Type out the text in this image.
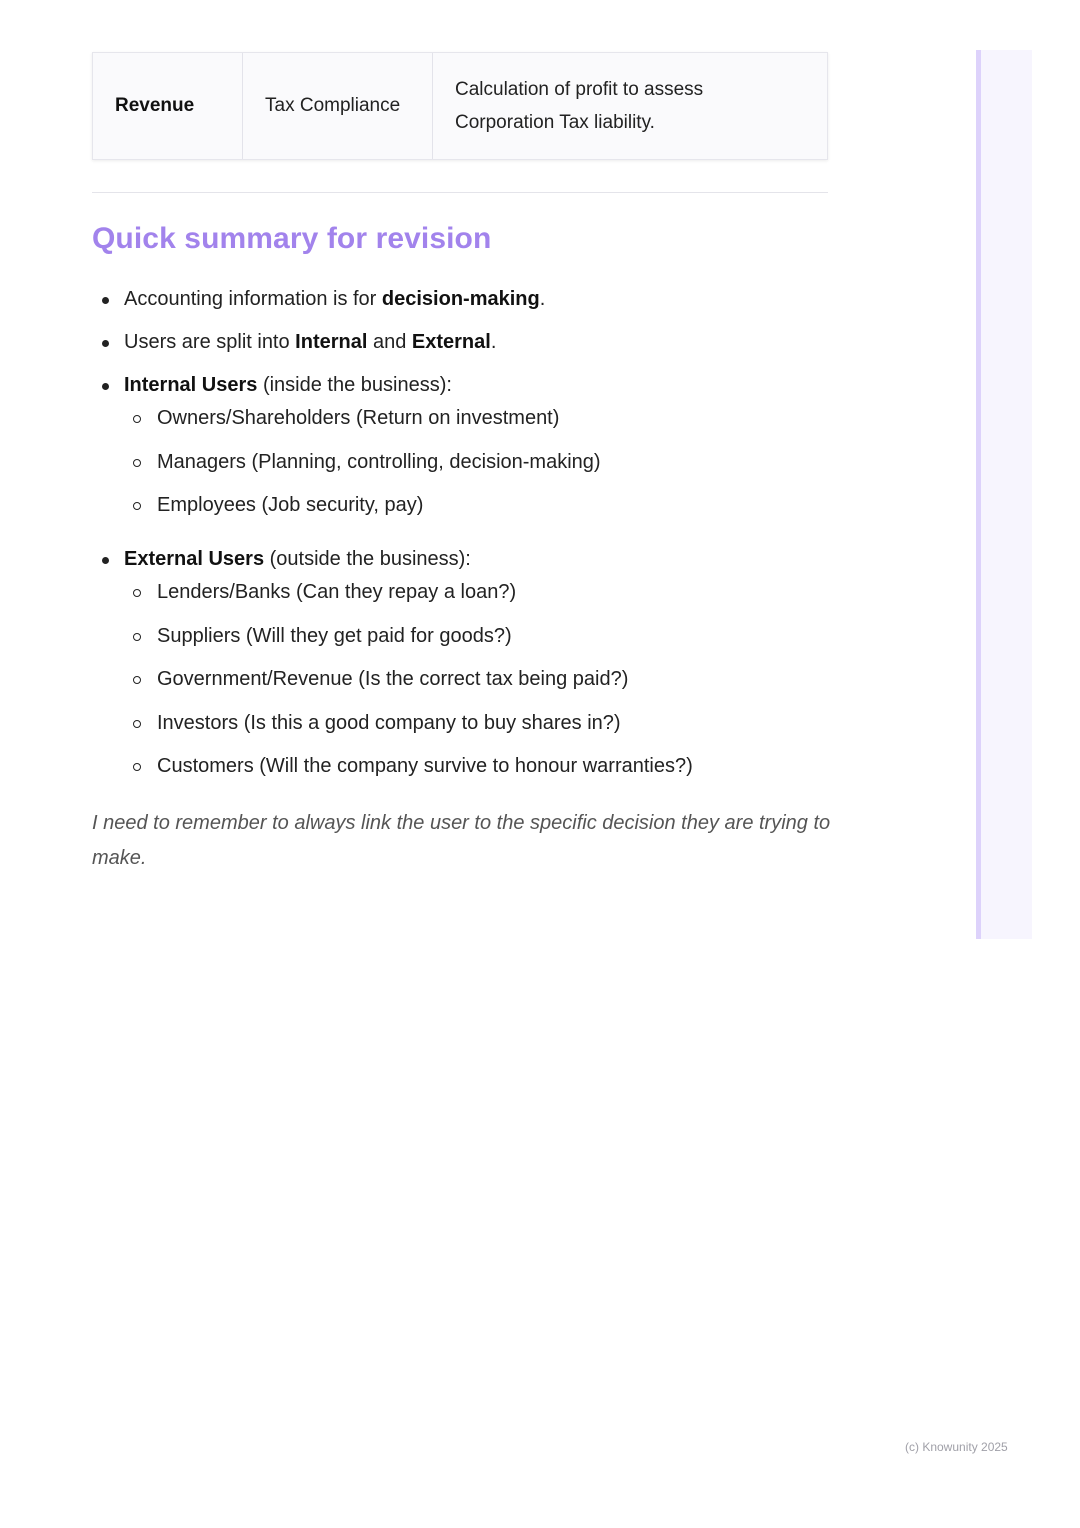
Revenue	Tax Compliance	Calculation of profit to assess
Corporation Tax liability.
Quick summary for revision
Accounting information is for decision-making.
Users are split into Internal and External.
Internal Users (inside the business):
Owners/Shareholders (Return on investment)
Managers (Planning, controlling, decision-making)
Employees (Job security, pay)
External Users (outside the business):
Lenders/Banks (Can they repay a loan?)
Suppliers (Will they get paid for goods?)
Government/Revenue (Is the correct tax being paid?)
Investors (Is this a good company to buy shares in?)
Customers (Will the company survive to honour warranties?)
I need to remember to always link the user to the specific decision they are trying to make.
(c) Knowunity 2025
